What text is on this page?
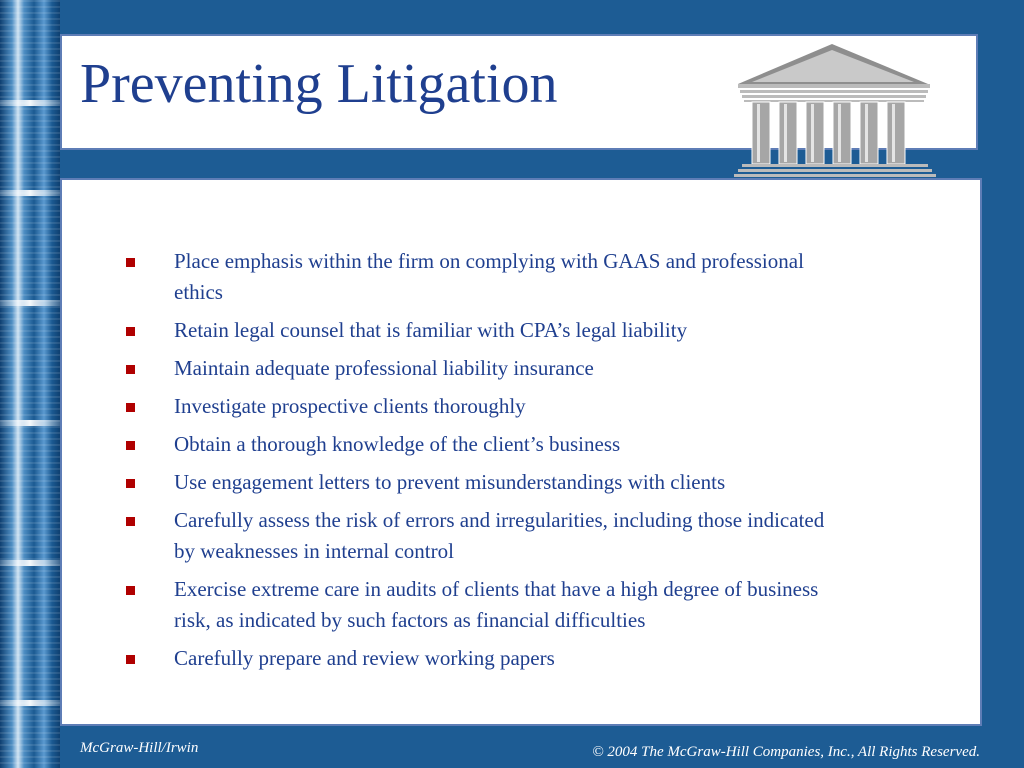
Preventing Litigation
Place emphasis within the firm on complying with GAAS and professional ethics
Retain legal counsel that is familiar with CPA’s legal liability
Maintain adequate professional liability insurance
Investigate prospective clients thoroughly
Obtain a thorough knowledge of the client’s business
Use engagement letters to prevent misunderstandings with clients
Carefully assess the risk of errors and irregularities, including those indicated by weaknesses in internal control
Exercise extreme care in audits of clients that have a high degree of business risk, as indicated by such factors as financial difficulties
Carefully prepare and review working papers
McGraw-Hill/Irwin	© 2004 The McGraw-Hill Companies, Inc., All Rights Reserved.
